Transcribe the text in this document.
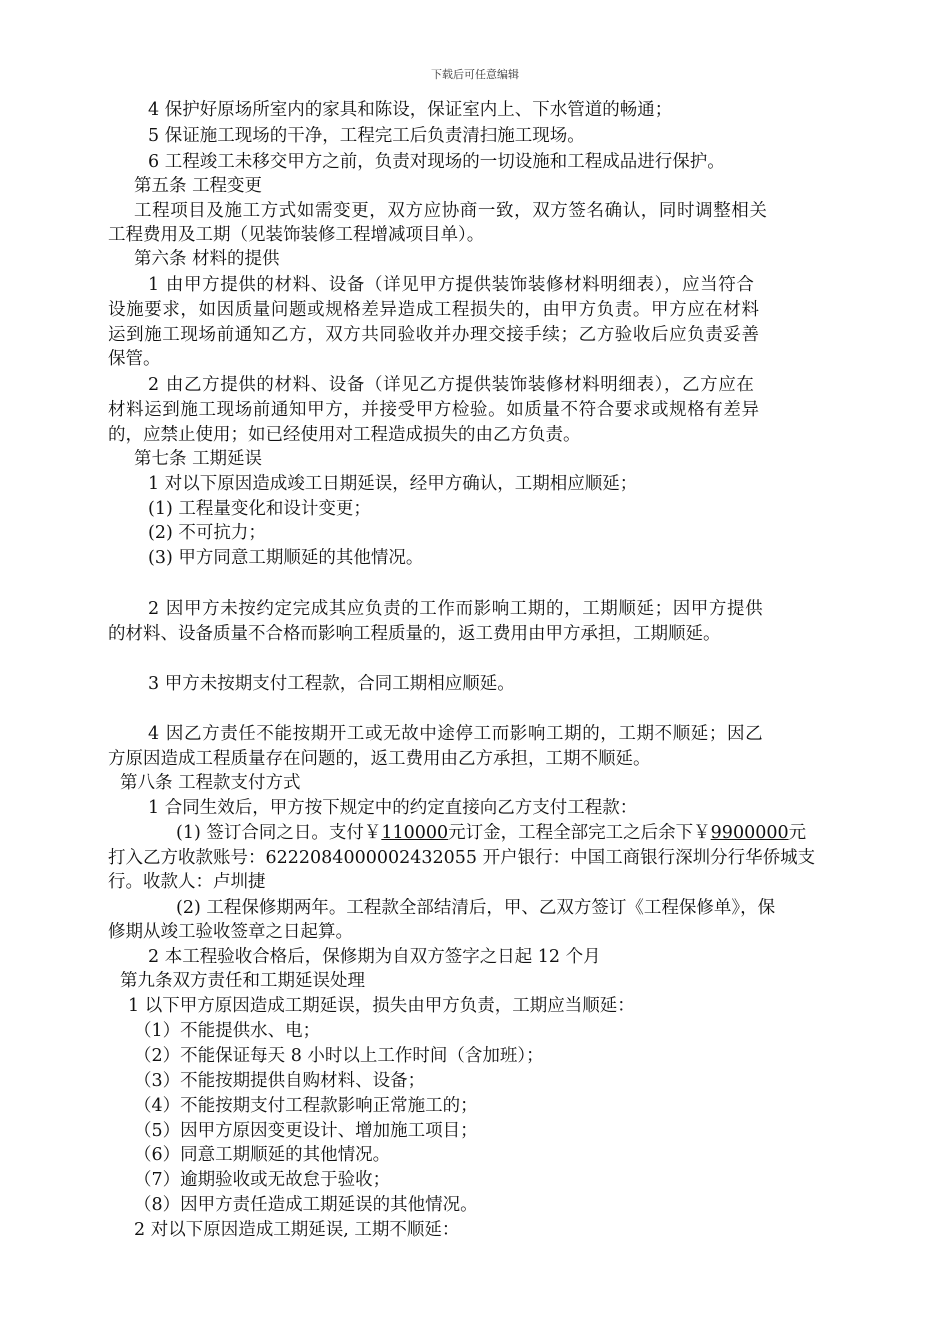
下载后可任意编辑
4 保护好原场所室内的家具和陈设，保证室内上、下水管道的畅通；
5 保证施工现场的干净，工程完工后负责清扫施工现场。
6 工程竣工未移交甲方之前，负责对现场的一切设施和工程成品进行保护。
第五条 工程变更
工程项目及施工方式如需变更，双方应协商一致，双方签名确认，同时调整相关
工程费用及工期（见装饰装修工程增减项目单）。
第六条 材料的提供
1 由甲方提供的材料、设备（详见甲方提供装饰装修材料明细表），应当符合
设施要求，如因质量问题或规格差异造成工程损失的，由甲方负责。甲方应在材料
运到施工现场前通知乙方，双方共同验收并办理交接手续；乙方验收后应负责妥善
保管。
2 由乙方提供的材料、设备（详见乙方提供装饰装修材料明细表），乙方应在
材料运到施工现场前通知甲方，并接受甲方检验。如质量不符合要求或规格有差异
的，应禁止使用；如已经使用对工程造成损失的由乙方负责。
第七条 工期延误
1 对以下原因造成竣工日期延误，经甲方确认，工期相应顺延；
(1) 工程量变化和设计变更；
(2) 不可抗力；
(3) 甲方同意工期顺延的其他情况。
2 因甲方未按约定完成其应负责的工作而影响工期的，工期顺延；因甲方提供
的材料、设备质量不合格而影响工程质量的，返工费用由甲方承担，工期顺延。
3 甲方未按期支付工程款，合同工期相应顺延。
4 因乙方责任不能按期开工或无故中途停工而影响工期的，工期不顺延；因乙
方原因造成工程质量存在问题的，返工费用由乙方承担，工期不顺延。
第八条 工程款支付方式
1 合同生效后，甲方按下规定中的约定直接向乙方支付工程款：
(1) 签订合同之日。支付￥110000元订金，工程全部完工之后余下￥9900000元
打入乙方收款账号：6222084000002432055 开户银行：中国工商银行深圳分行华侨城支
行。收款人：卢圳捷
(2) 工程保修期两年。工程款全部结清后，甲、乙双方签订《工程保修单》，保
修期从竣工验收签章之日起算。
2 本工程验收合格后，保修期为自双方签字之日起 12 个月
第九条双方责任和工期延误处理
1 以下甲方原因造成工期延误，损失由甲方负责，工期应当顺延：
（1）不能提供水、电；
（2）不能保证每天 8 小时以上工作时间（含加班）；
（3）不能按期提供自购材料、设备；
（4）不能按期支付工程款影响正常施工的；
（5）因甲方原因变更设计、增加施工项目；
（6）同意工期顺延的其他情况。
（7）逾期验收或无故怠于验收；
（8）因甲方责任造成工期延误的其他情况。
2 对以下原因造成工期延误, 工期不顺延：
